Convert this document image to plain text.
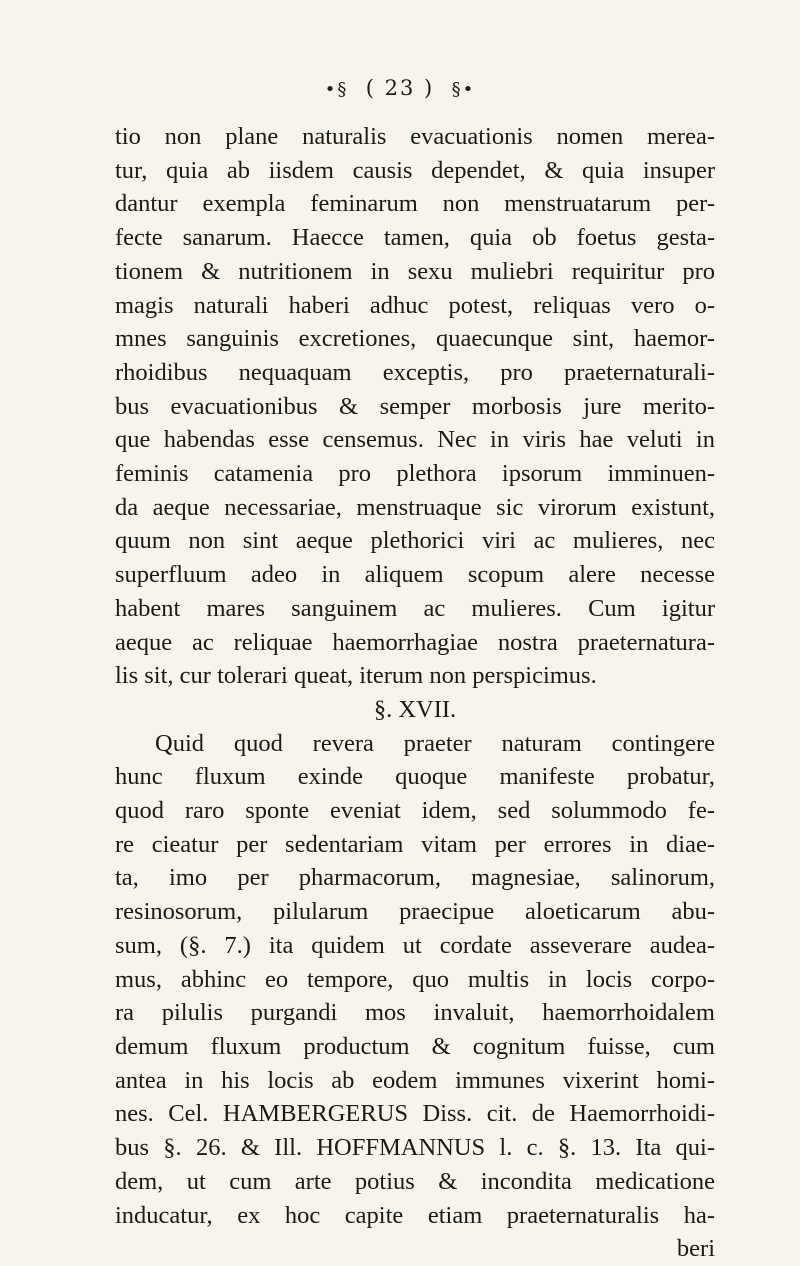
•§ ( 23 ) §•
tio non plane naturalis evacuationis nomen merea-
tur, quia ab iisdem causis dependet, & quia insuper
dantur exempla feminarum non menstruatarum per-
fecte sanarum. Haecce tamen, quia ob foetus gesta-
tionem & nutritionem in sexu muliebri requiritur pro
magis naturali haberi adhuc potest, reliquas vero o-
mnes sanguinis excretiones, quaecunque sint, haemor-
rhoidibus nequaquam exceptis, pro praeternaturali-
bus evacuationibus & semper morbosis jure merito-
que habendas esse censemus. Nec in viris hae veluti in
feminis catamenia pro plethora ipsorum imminuen-
da aeque necessariae, menstruaque sic virorum existunt,
quum non sint aeque plethorici viri ac mulieres, nec
superfluum adeo in aliquem scopum alere necesse
habent mares sanguinem ac mulieres. Cum igitur
aeque ac reliquae haemorrhagiae nostra praeternatura-
lis sit, cur tolerari queat, iterum non perspicimus.
§. XVII.
Quid quod revera praeter naturam contingere
hunc fluxum exinde quoque manifeste probatur,
quod raro sponte eveniat idem, sed solummodo fe-
re cieatur per sedentariam vitam per errores in diae-
ta, imo per pharmacorum, magnesiae, salinorum,
resinosorum, pilularum praecipue aloeticarum abu-
sum, (§. 7.) ita quidem ut cordate asseverare audea-
mus, abhinc eo tempore, quo multis in locis corpo-
ra pilulis purgandi mos invaluit, haemorrhoidalem
demum fluxum productum & cognitum fuisse, cum
antea in his locis ab eodem immunes vixerint homi-
nes. Cel. HAMBERGERUS Diss. cit. de Haemorrhoidi-
bus §. 26. & Ill. HOFFMANNUS l. c. §. 13. Ita qui-
dem, ut cum arte potius & incondita medicatione
inducatur, ex hoc capite etiam praeternaturalis ha-
beri
